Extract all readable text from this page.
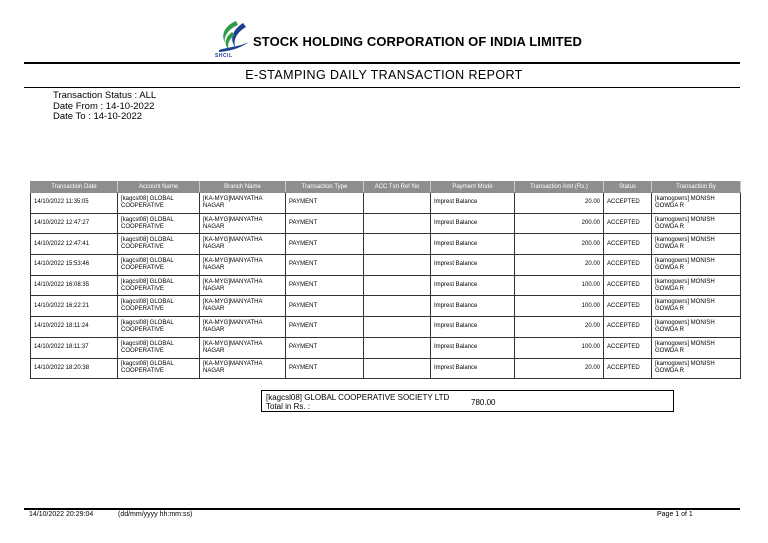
SHCIL
STOCK HOLDING CORPORATION OF INDIA LIMITED
E-STAMPING DAILY TRANSACTION REPORT
Transaction Status : ALL
Date From : 14-10-2022
Date To : 14-10-2022
Transaction Date	Account Name	Branch Name	Transaction Type	ACC Txn Ref No	Payment Mode	Transaction Amt (Rs.)	Status	Transaction By
14/10/2022 11:35:05	[kagcsl08] GLOBAL COOPERATIVE	[KA-MYG]MANYATHA NAGAR	PAYMENT		Imprest Balance	20.00	ACCEPTED	[kamogowrs] MONISH GOWDA R
14/10/2022 12:47:27	[kagcsl08] GLOBAL COOPERATIVE	[KA-MYG]MANYATHA NAGAR	PAYMENT		Imprest Balance	200.00	ACCEPTED	[kamogowrs] MONISH GOWDA R
14/10/2022 12:47:41	[kagcsl08] GLOBAL COOPERATIVE	[KA-MYG]MANYATHA NAGAR	PAYMENT		Imprest Balance	200.00	ACCEPTED	[kamogowrs] MONISH GOWDA R
14/10/2022 15:53:46	[kagcsl08] GLOBAL COOPERATIVE	[KA-MYG]MANYATHA NAGAR	PAYMENT		Imprest Balance	20.00	ACCEPTED	[kamogowrs] MONISH GOWDA R
14/10/2022 16:08:35	[kagcsl08] GLOBAL COOPERATIVE	[KA-MYG]MANYATHA NAGAR	PAYMENT		Imprest Balance	100.00	ACCEPTED	[kamogowrs] MONISH GOWDA R
14/10/2022 16:22:21	[kagcsl08] GLOBAL COOPERATIVE	[KA-MYG]MANYATHA NAGAR	PAYMENT		Imprest Balance	100.00	ACCEPTED	[kamogowrs] MONISH GOWDA R
14/10/2022 18:11:24	[kagcsl08] GLOBAL COOPERATIVE	[KA-MYG]MANYATHA NAGAR	PAYMENT		Imprest Balance	20.00	ACCEPTED	[kamogowrs] MONISH GOWDA R
14/10/2022 18:11:37	[kagcsl08] GLOBAL COOPERATIVE	[KA-MYG]MANYATHA NAGAR	PAYMENT		Imprest Balance	100.00	ACCEPTED	[kamogowrs] MONISH GOWDA R
14/10/2022 18:20:38	[kagcsl08] GLOBAL COOPERATIVE	[KA-MYG]MANYATHA NAGAR	PAYMENT		Imprest Balance	20.00	ACCEPTED	[kamogowrs] MONISH GOWDA R
[kagcsl08] GLOBAL COOPERATIVE SOCIETY LTD
Total in Rs. :	780.00
14/10/2022 20:29:04	(dd/mm/yyyy hh:mm:ss)	Page 1 of 1
